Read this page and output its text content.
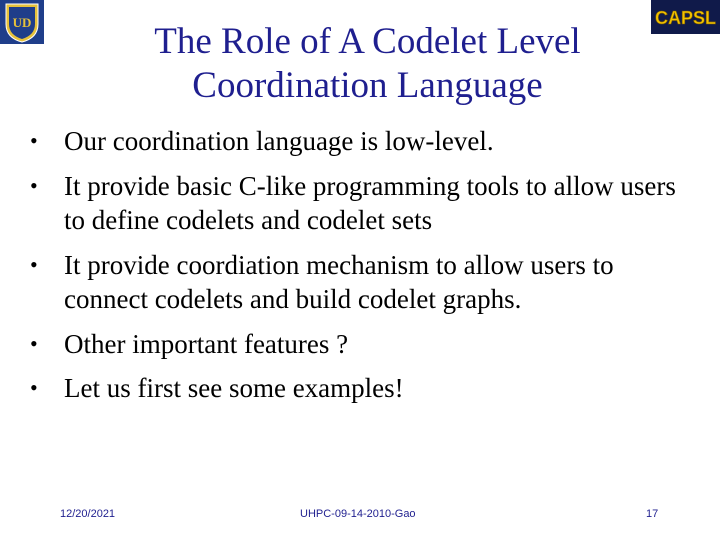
UD	CAPSL
The Role of A Codelet Level
Coordination Language
• Our coordination language is low-level.
• It provide basic C-like programming tools to allow users to define codelets and codelet sets
• It provide coordiation mechanism to allow users to connect codelets and build codelet graphs.
• Other important features ?
• Let us first see some examples!
12/20/2021	UHPC-09-14-2010-Gao	17
